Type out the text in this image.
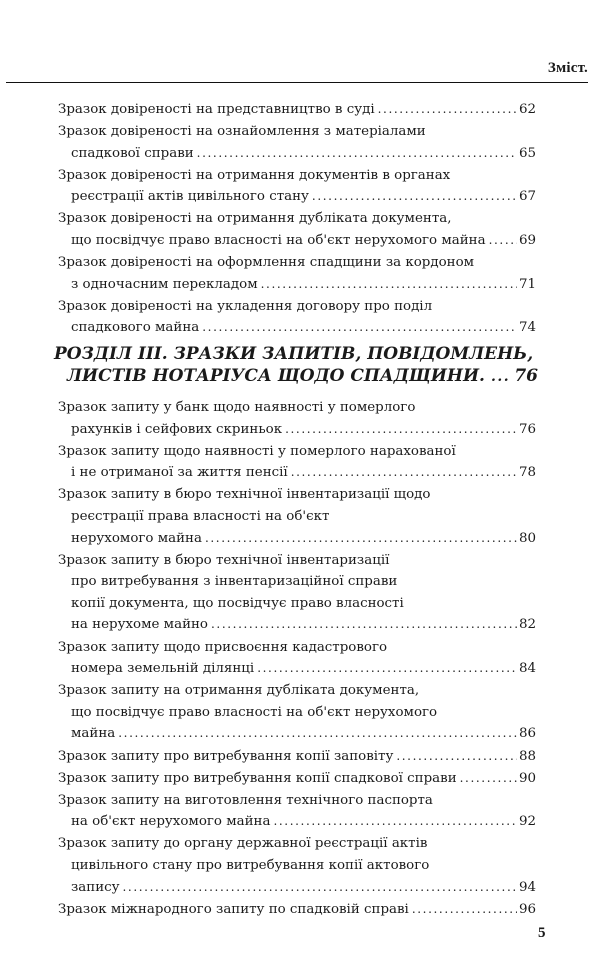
Зміст.
Зразок довіреності на представництво в суді .....	62
Зразок довіреності на ознайомлення з матеріалами
спадкової справи .....	65
Зразок довіреності на отримання документів в органах
реєстрації актів цивільного стану .....	67
Зразок довіреності на отримання дубліката документа,
що посвідчує право власності на об'єкт нерухомого майна ..... 69
Зразок довіреності на оформлення спадщини за кордоном
з одночасним перекладом .....	71
Зразок довіреності на укладення договору про поділ
спадкового майна .....	74
РОЗДІЛ III. ЗРАЗКИ ЗАПИТІВ, ПОВІДОМЛЕНЬ,
ЛИСТІВ НОТАРІУСА ЩОДО СПАДЩИНИ. ..... 76
Зразок запиту у банк щодо наявності у померлого
рахунків і сейфових скриньок .....	76
Зразок запиту щодо наявності у померлого нарахованої
і не отриманої за життя пенсії .....	78
Зразок запиту в бюро технічної інвентаризації щодо
реєстрації права власності на об'єкт
нерухомого майна .....	80
Зразок запиту в бюро технічної інвентаризації
про витребування з інвентаризаційної справи
копії документа, що посвідчує право власності
на нерухоме майно .....	82
Зразок запиту щодо присвоєння кадастрового
номера земельній ділянці .....	84
Зразок запиту на отримання дубліката документа,
що посвідчує право власності на об'єкт нерухомого
майна .....	86
Зразок запиту про витребування копії заповіту .....	88
Зразок запиту про витребування копії спадкової справи .....	90
Зразок запиту на виготовлення технічного паспорта
на об'єкт нерухомого майна .....	92
Зразок запиту до органу державної реєстрації актів
цивільного стану про витребування копії актового
запису .....	94
Зразок міжнародного запиту по спадковій справі .....	96
5
